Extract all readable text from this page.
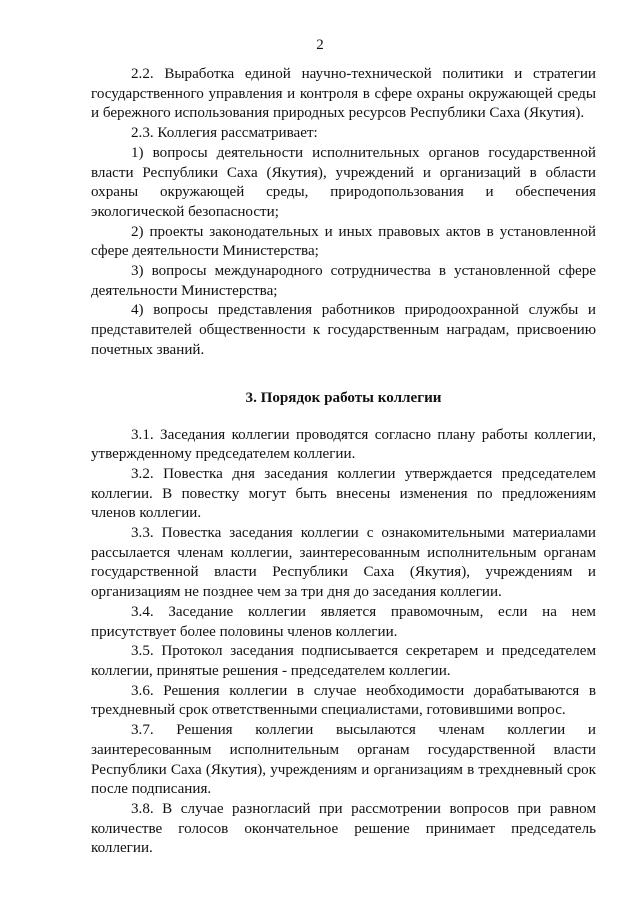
2

2.2. Выработка единой научно-технической политики и стратегии государственного управления и контроля в сфере охраны окружающей среды и бережного использования природных ресурсов Республики Саха (Якутия).

2.3. Коллегия рассматривает:

1) вопросы деятельности исполнительных органов государственной власти Республики Саха (Якутия), учреждений и организаций в области охраны окружающей среды, природопользования и обеспечения экологической безопасности;

2) проекты законодательных и иных правовых актов в установленной сфере деятельности Министерства;

3) вопросы международного сотрудничества в установленной сфере деятельности Министерства;

4) вопросы представления работников природоохранной службы и представителей общественности к государственным наградам, присвоению почетных званий.

3. Порядок работы коллегии

3.1. Заседания коллегии проводятся согласно плану работы коллегии, утвержденному председателем коллегии.

3.2. Повестка дня заседания коллегии утверждается председателем коллегии. В повестку могут быть внесены изменения по предложениям членов коллегии.

3.3. Повестка заседания коллегии с ознакомительными материалами рассылается членам коллегии, заинтересованным исполнительным органам государственной власти Республики Саха (Якутия), учреждениям и организациям не позднее чем за три дня до заседания коллегии.

3.4. Заседание коллегии является правомочным, если на нем присутствует более половины членов коллегии.

3.5. Протокол заседания подписывается секретарем и председателем коллегии, принятые решения - председателем коллегии.

3.6. Решения коллегии в случае необходимости дорабатываются в трехдневный срок ответственными специалистами, готовившими вопрос.

3.7. Решения коллегии высылаются членам коллегии и заинтересованным исполнительным органам государственной власти Республики Саха (Якутия), учреждениям и организациям в трехдневный срок после подписания.

3.8. В случае разногласий при рассмотрении вопросов при равном количестве голосов окончательное решение принимает председатель коллегии.
